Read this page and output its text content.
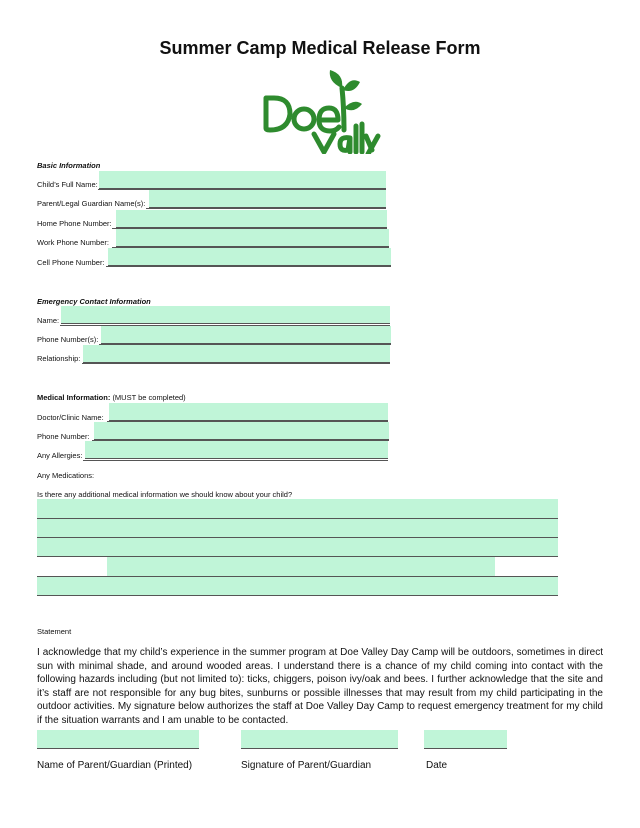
Summer Camp Medical Release Form
Basic Information
Child’s Full Name:
Parent/Legal Guardian Name(s):
Home Phone Number:
Work Phone Number:
Cell Phone Number:
Emergency Contact Information
Name:
Phone Number(s):
Relationship:
Medical Information: (MUST be completed)
Doctor/Clinic Name:
Phone Number:
Any Allergies:
Any Medications:
Is there any additional medical information we should know about your child?
Statement
I acknowledge that my child’s experience in the summer program at Doe Valley Day Camp will be outdoors, sometimes in direct sun with minimal shade, and around wooded areas. I understand there is a chance of my child coming into contact with the following hazards including (but not limited to): ticks, chiggers, poison ivy/oak and bees. I further acknowledge that the site and it’s staff are not responsible for any bug bites, sunburns or possible illnesses that may result from my child participating in the outdoor activities. My signature below authorizes the staff at Doe Valley Day Camp to request emergency treatment for my child if the situation warrants and I am unable to be contacted.
Name of Parent/Guardian (Printed)	Signature of Parent/Guardian	Date
